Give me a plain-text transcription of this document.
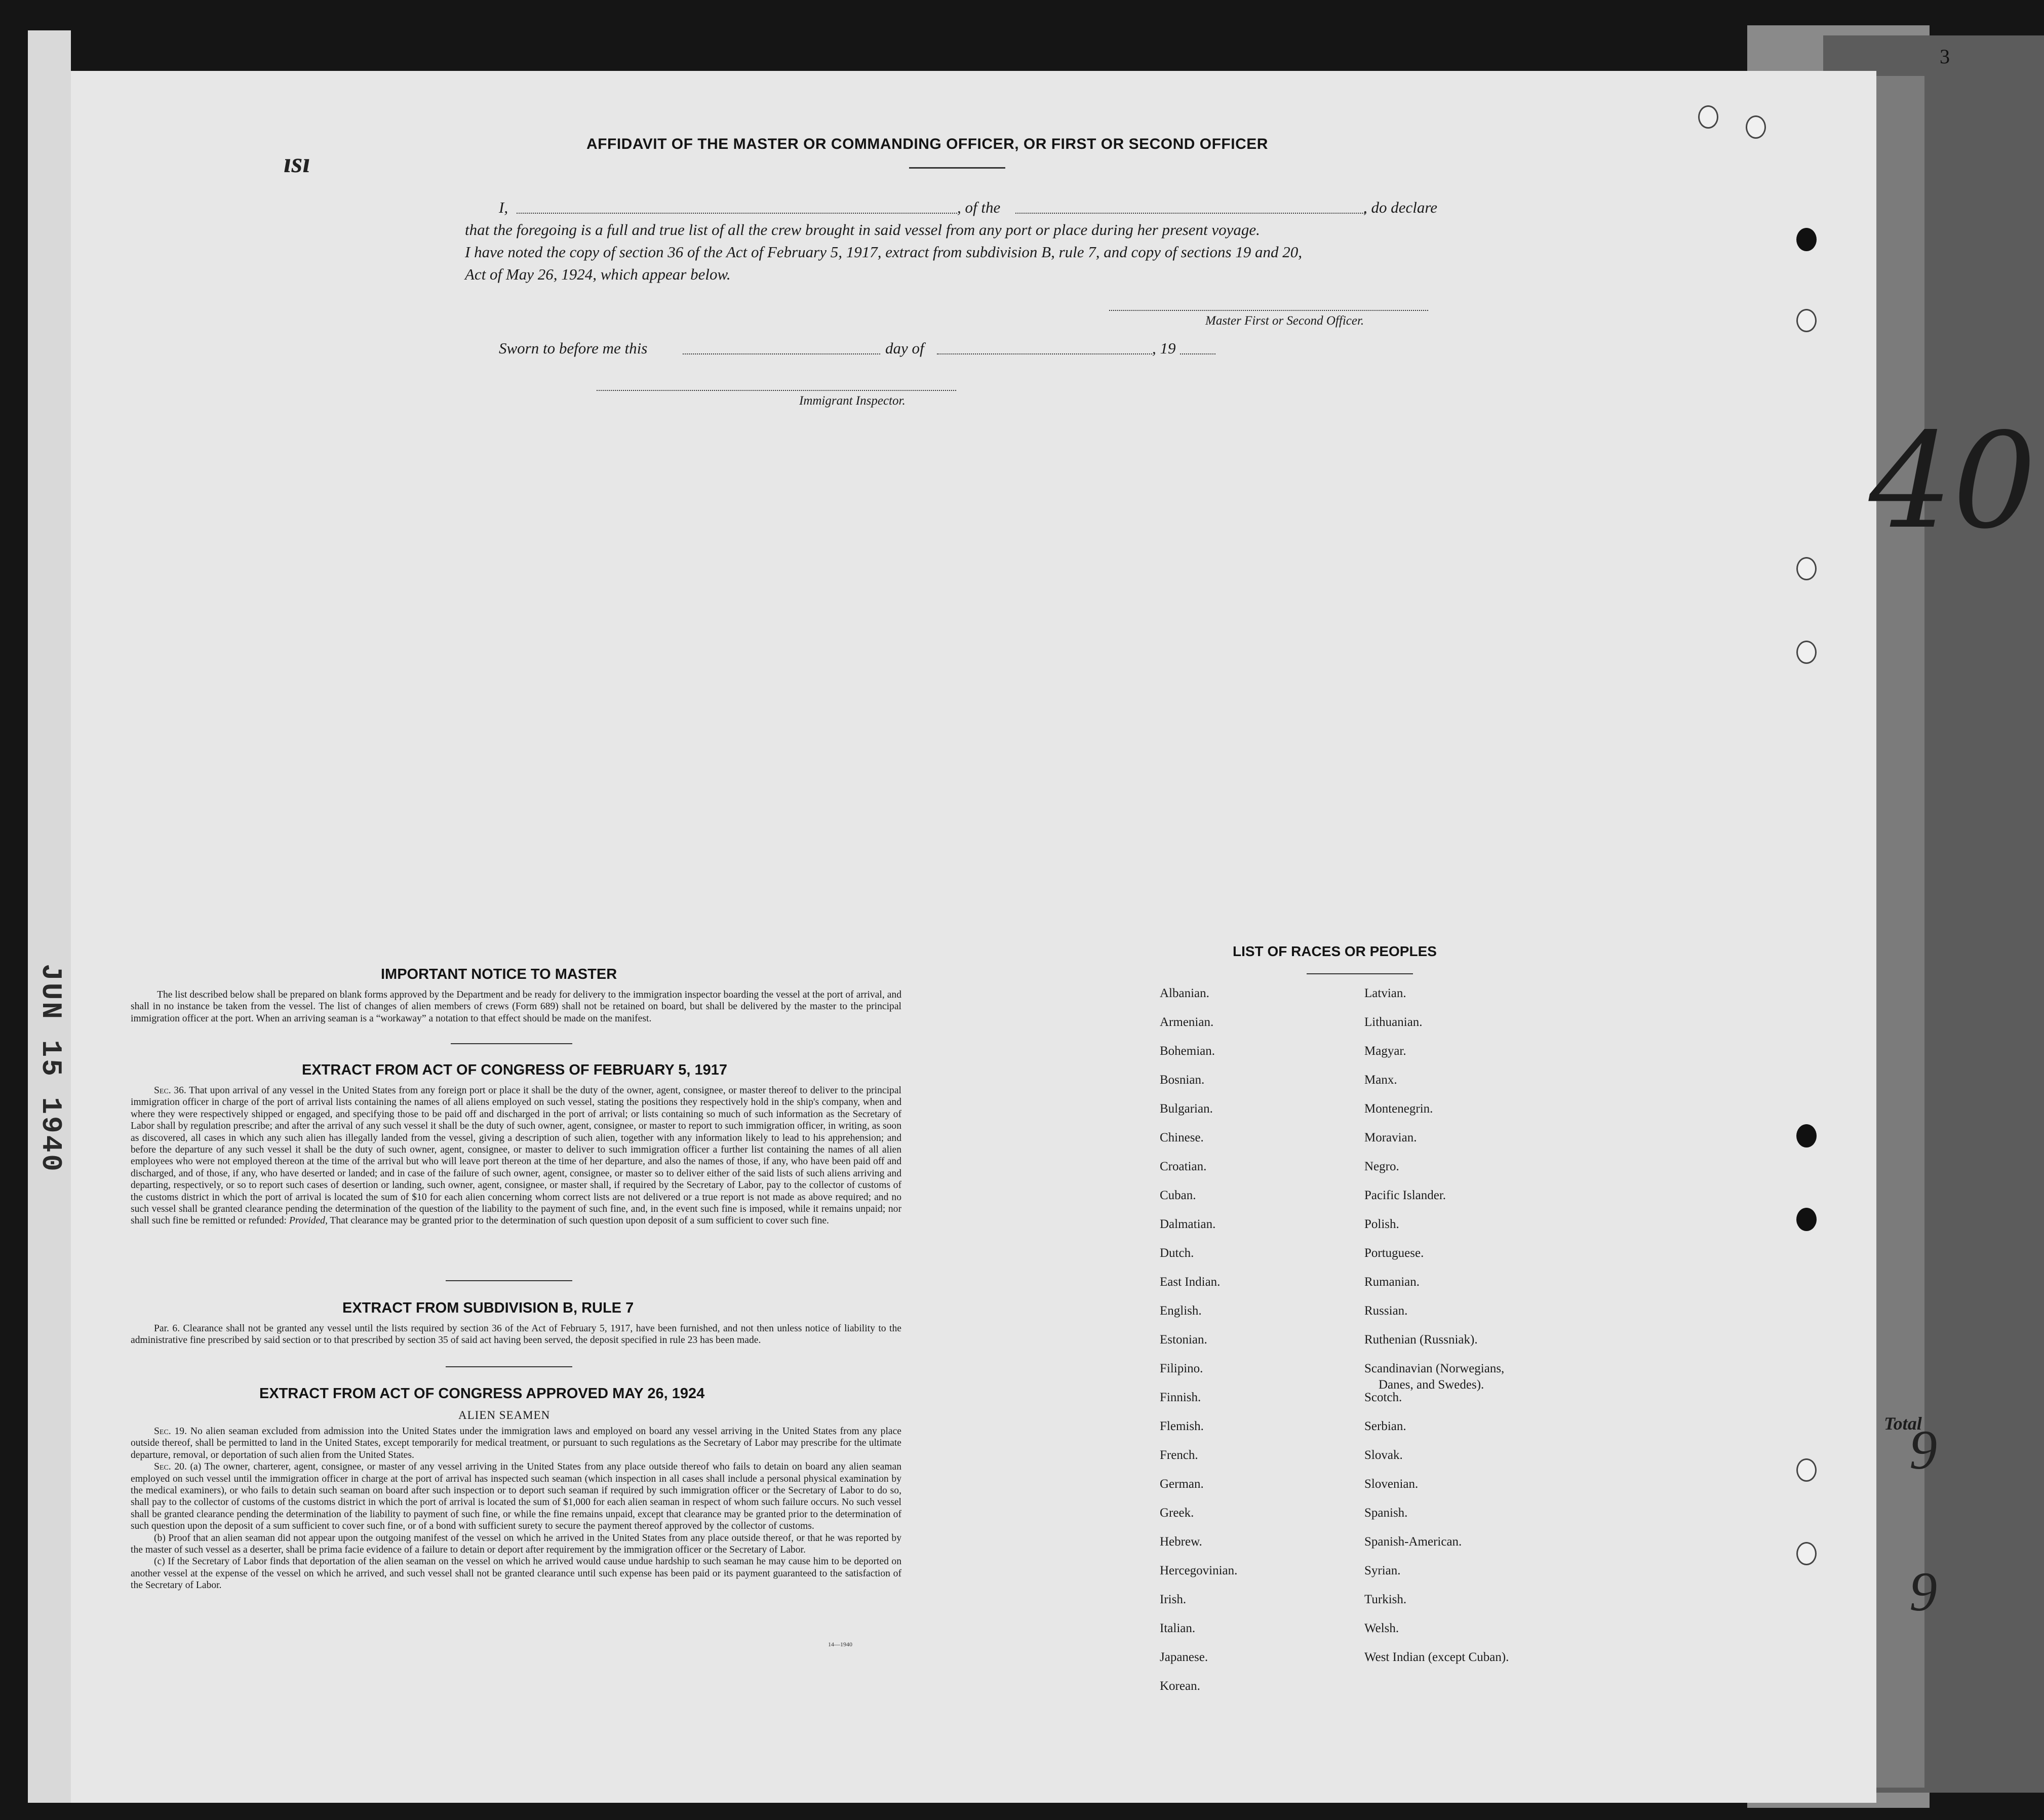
JUN 15 1940
ısı
3
40
Total
9
9
AFFIDAVIT OF THE MASTER OR COMMANDING OFFICER, OR FIRST OR SECOND OFFICER
I,	, of the	, do declare
that the foregoing is a full and true list of all the crew brought in said vessel from any port or place during her present voyage.
I have noted the copy of section 36 of the Act of February 5, 1917, extract from subdivision B, rule 7, and copy of sections 19 and 20,
Act of May 26, 1924, which appear below.
Master First or Second Officer.
Sworn to before me this	day of	, 19
Immigrant Inspector.
IMPORTANT NOTICE TO MASTER
The list described below shall be prepared on blank forms approved by the Department and be ready for delivery to the immigration inspector boarding the vessel at the port of arrival, and shall in no instance be taken from the vessel. The list of changes of alien members of crews (Form 689) shall not be retained on board, but shall be delivered by the master to the principal immigration officer at the port. When an arriving seaman is a “workaway” a notation to that effect should be made on the manifest.
EXTRACT FROM ACT OF CONGRESS OF FEBRUARY 5, 1917
Sec. 36. That upon arrival of any vessel in the United States from any foreign port or place it shall be the duty of the owner, agent, consignee, or master thereof to deliver to the principal immigration officer in charge of the port of arrival lists containing the names of all aliens employed on such vessel, stating the positions they respectively hold in the ship's company, when and where they were respectively shipped or engaged, and specifying those to be paid off and discharged in the port of arrival; or lists containing so much of such information as the Secretary of Labor shall by regulation prescribe; and after the arrival of any such vessel it shall be the duty of such owner, agent, consignee, or master to report to such immigration officer, in writing, as soon as discovered, all cases in which any such alien has illegally landed from the vessel, giving a description of such alien, together with any information likely to lead to his apprehension; and before the departure of any such vessel it shall be the duty of such owner, agent, consignee, or master to deliver to such immigration officer a further list containing the names of all alien employees who were not employed thereon at the time of the arrival but who will leave port thereon at the time of her departure, and also the names of those, if any, who have been paid off and discharged, and of those, if any, who have deserted or landed; and in case of the failure of such owner, agent, consignee, or master so to deliver either of the said lists of such aliens arriving and departing, respectively, or so to report such cases of desertion or landing, such owner, agent, consignee, or master shall, if required by the Secretary of Labor, pay to the collector of customs of the customs district in which the port of arrival is located the sum of $10 for each alien concerning whom correct lists are not delivered or a true report is not made as above required; and no such vessel shall be granted clearance pending the determination of the question of the liability to the payment of such fine, and, in the event such fine is imposed, while it remains unpaid; nor shall such fine be remitted or refunded: Provided, That clearance may be granted prior to the determination of such question upon deposit of a sum sufficient to cover such fine.
EXTRACT FROM SUBDIVISION B, RULE 7
Par. 6. Clearance shall not be granted any vessel until the lists required by section 36 of the Act of February 5, 1917, have been furnished, and not then unless notice of liability to the administrative fine prescribed by said section or to that prescribed by section 35 of said act having been served, the deposit specified in rule 23 has been made.
EXTRACT FROM ACT OF CONGRESS APPROVED MAY 26, 1924
ALIEN SEAMEN
Sec. 19. No alien seaman excluded from admission into the United States under the immigration laws and employed on board any vessel arriving in the United States from any place outside thereof, shall be permitted to land in the United States, except temporarily for medical treatment, or pursuant to such regulations as the Secretary of Labor may prescribe for the ultimate departure, removal, or deportation of such alien from the United States.
Sec. 20. (a) The owner, charterer, agent, consignee, or master of any vessel arriving in the United States from any place outside thereof who fails to detain on board any alien seaman employed on such vessel until the immigration officer in charge at the port of arrival has inspected such seaman (which inspection in all cases shall include a personal physical examination by the medical examiners), or who fails to detain such seaman on board after such inspection or to deport such seaman if required by such immigration officer or the Secretary of Labor to do so, shall pay to the collector of customs of the customs district in which the port of arrival is located the sum of $1,000 for each alien seaman in respect of whom such failure occurs. No such vessel shall be granted clearance pending the determination of the liability to payment of such fine, or while the fine remains unpaid, except that clearance may be granted prior to the determination of such question upon the deposit of a sum sufficient to cover such fine, or of a bond with sufficient surety to secure the payment thereof approved by the collector of customs.
(b) Proof that an alien seaman did not appear upon the outgoing manifest of the vessel on which he arrived in the United States from any place outside thereof, or that he was reported by the master of such vessel as a deserter, shall be prima facie evidence of a failure to detain or deport after requirement by the immigration officer or the Secretary of Labor.
(c) If the Secretary of Labor finds that deportation of the alien seaman on the vessel on which he arrived would cause undue hardship to such seaman he may cause him to be deported on another vessel at the expense of the vessel on which he arrived, and such vessel shall not be granted clearance until such expense has been paid or its payment guaranteed to the satisfaction of the Secretary of Labor.
14—1940
LIST OF RACES OR PEOPLES
Albanian.
Armenian.
Bohemian.
Bosnian.
Bulgarian.
Chinese.
Croatian.
Cuban.
Dalmatian.
Dutch.
East Indian.
English.
Estonian.
Filipino.
Finnish.
Flemish.
French.
German.
Greek.
Hebrew.
Hercegovinian.
Irish.
Italian.
Japanese.
Korean.
Latvian.
Lithuanian.
Magyar.
Manx.
Montenegrin.
Moravian.
Negro.
Pacific Islander.
Polish.
Portuguese.
Rumanian.
Russian.
Ruthenian (Russniak).
Scandinavian (Norwegians,
Danes, and Swedes).
Scotch.
Serbian.
Slovak.
Slovenian.
Spanish.
Spanish-American.
Syrian.
Turkish.
Welsh.
West Indian (except Cuban).
